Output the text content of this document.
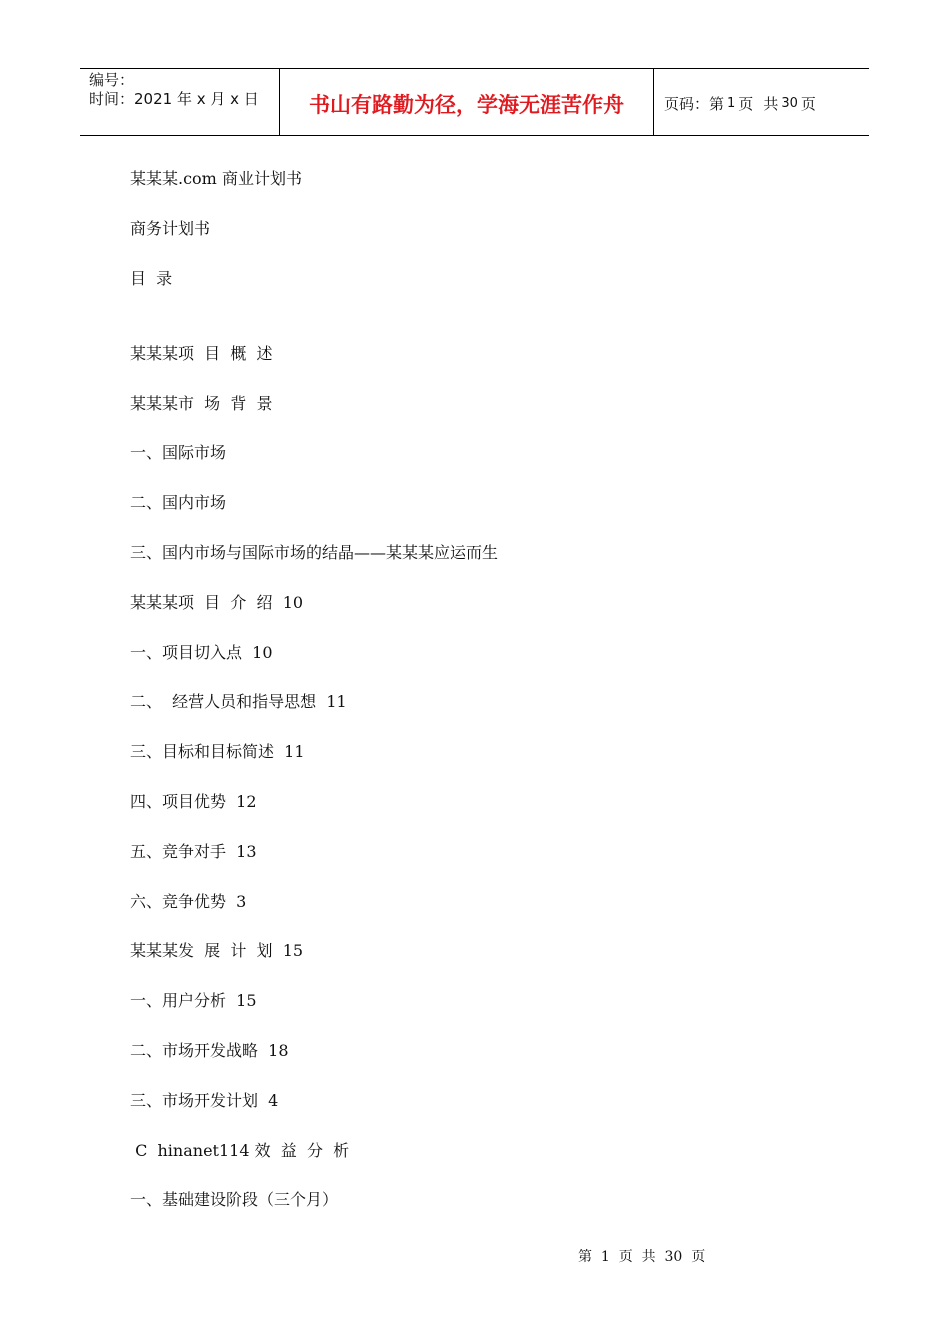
编号：
时间：2021 年 x 月 x 日	书山有路勤为径，学海无涯苦作舟	页码：第 1 页 共 30 页
某某某.com 商业计划书
商务计划书
目  录
某某某项  目  概  述
某某某市  场  背  景
一、国际市场
二、国内市场
三、国内市场与国际市场的结晶——某某某应运而生
某某某项  目  介  绍  10
一、项目切入点  10
二、  经营人员和指导思想  11
三、目标和目标简述  11
四、项目优势  12
五、竞争对手  13
六、竞争优势  3
某某某发  展  计  划  15
一、用户分析  15
二、市场开发战略  18
三、市场开发计划  4
C  hinanet114 效  益  分  析
一、基础建设阶段（三个月）
第  1  页  共  30  页
